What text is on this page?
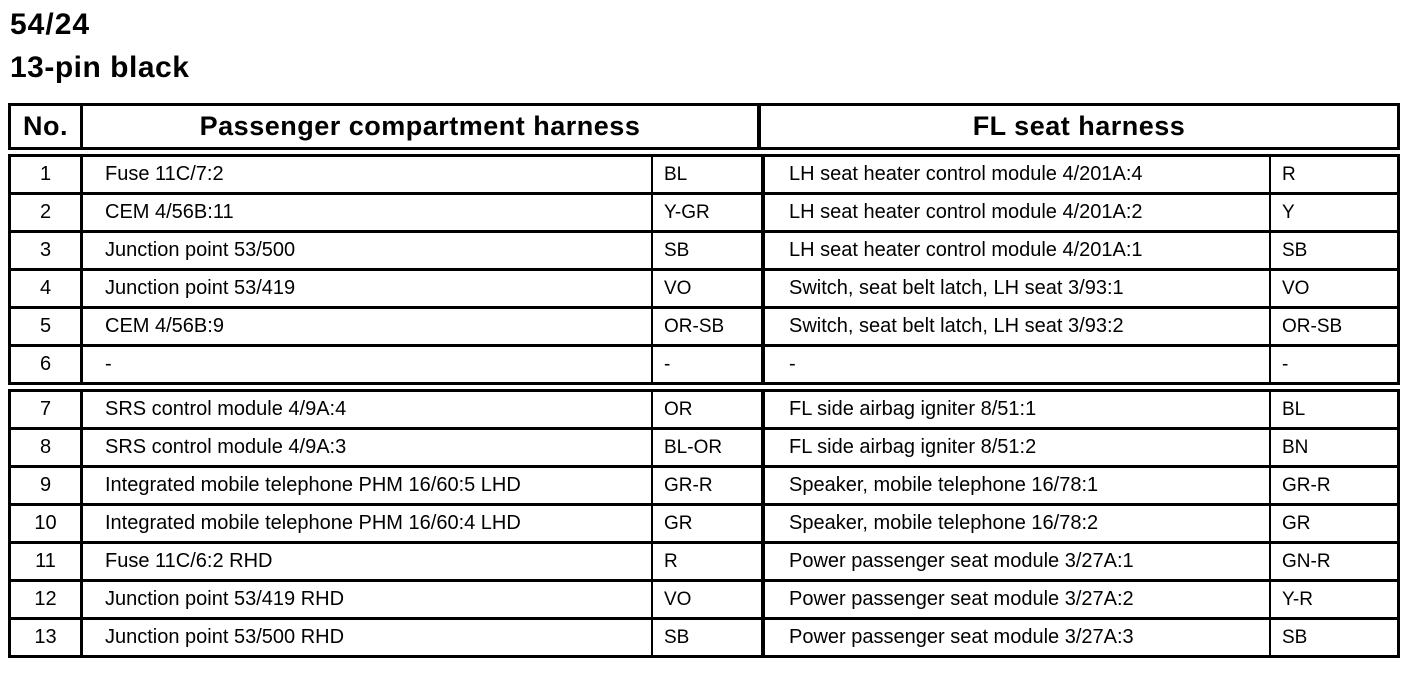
54/24
13-pin black
No.	Passenger compartment harness	FL seat harness
1	Fuse 11C/7:2	BL	LH seat heater control module 4/201A:4	R
2	CEM 4/56B:11	Y-GR	LH seat heater control module 4/201A:2	Y
3	Junction point 53/500	SB	LH seat heater control module 4/201A:1	SB
4	Junction point 53/419	VO	Switch, seat belt latch, LH seat 3/93:1	VO
5	CEM 4/56B:9	OR-SB	Switch, seat belt latch, LH seat 3/93:2	OR-SB
6	-	-	-	-
7	SRS control module 4/9A:4	OR	FL side airbag igniter 8/51:1	BL
8	SRS control module 4/9A:3	BL-OR	FL side airbag igniter 8/51:2	BN
9	Integrated mobile telephone PHM 16/60:5 LHD	GR-R	Speaker, mobile telephone 16/78:1	GR-R
10	Integrated mobile telephone PHM 16/60:4 LHD	GR	Speaker, mobile telephone 16/78:2	GR
11	Fuse 11C/6:2 RHD	R	Power passenger seat module 3/27A:1	GN-R
12	Junction point 53/419 RHD	VO	Power passenger seat module 3/27A:2	Y-R
13	Junction point 53/500 RHD	SB	Power passenger seat module 3/27A:3	SB
